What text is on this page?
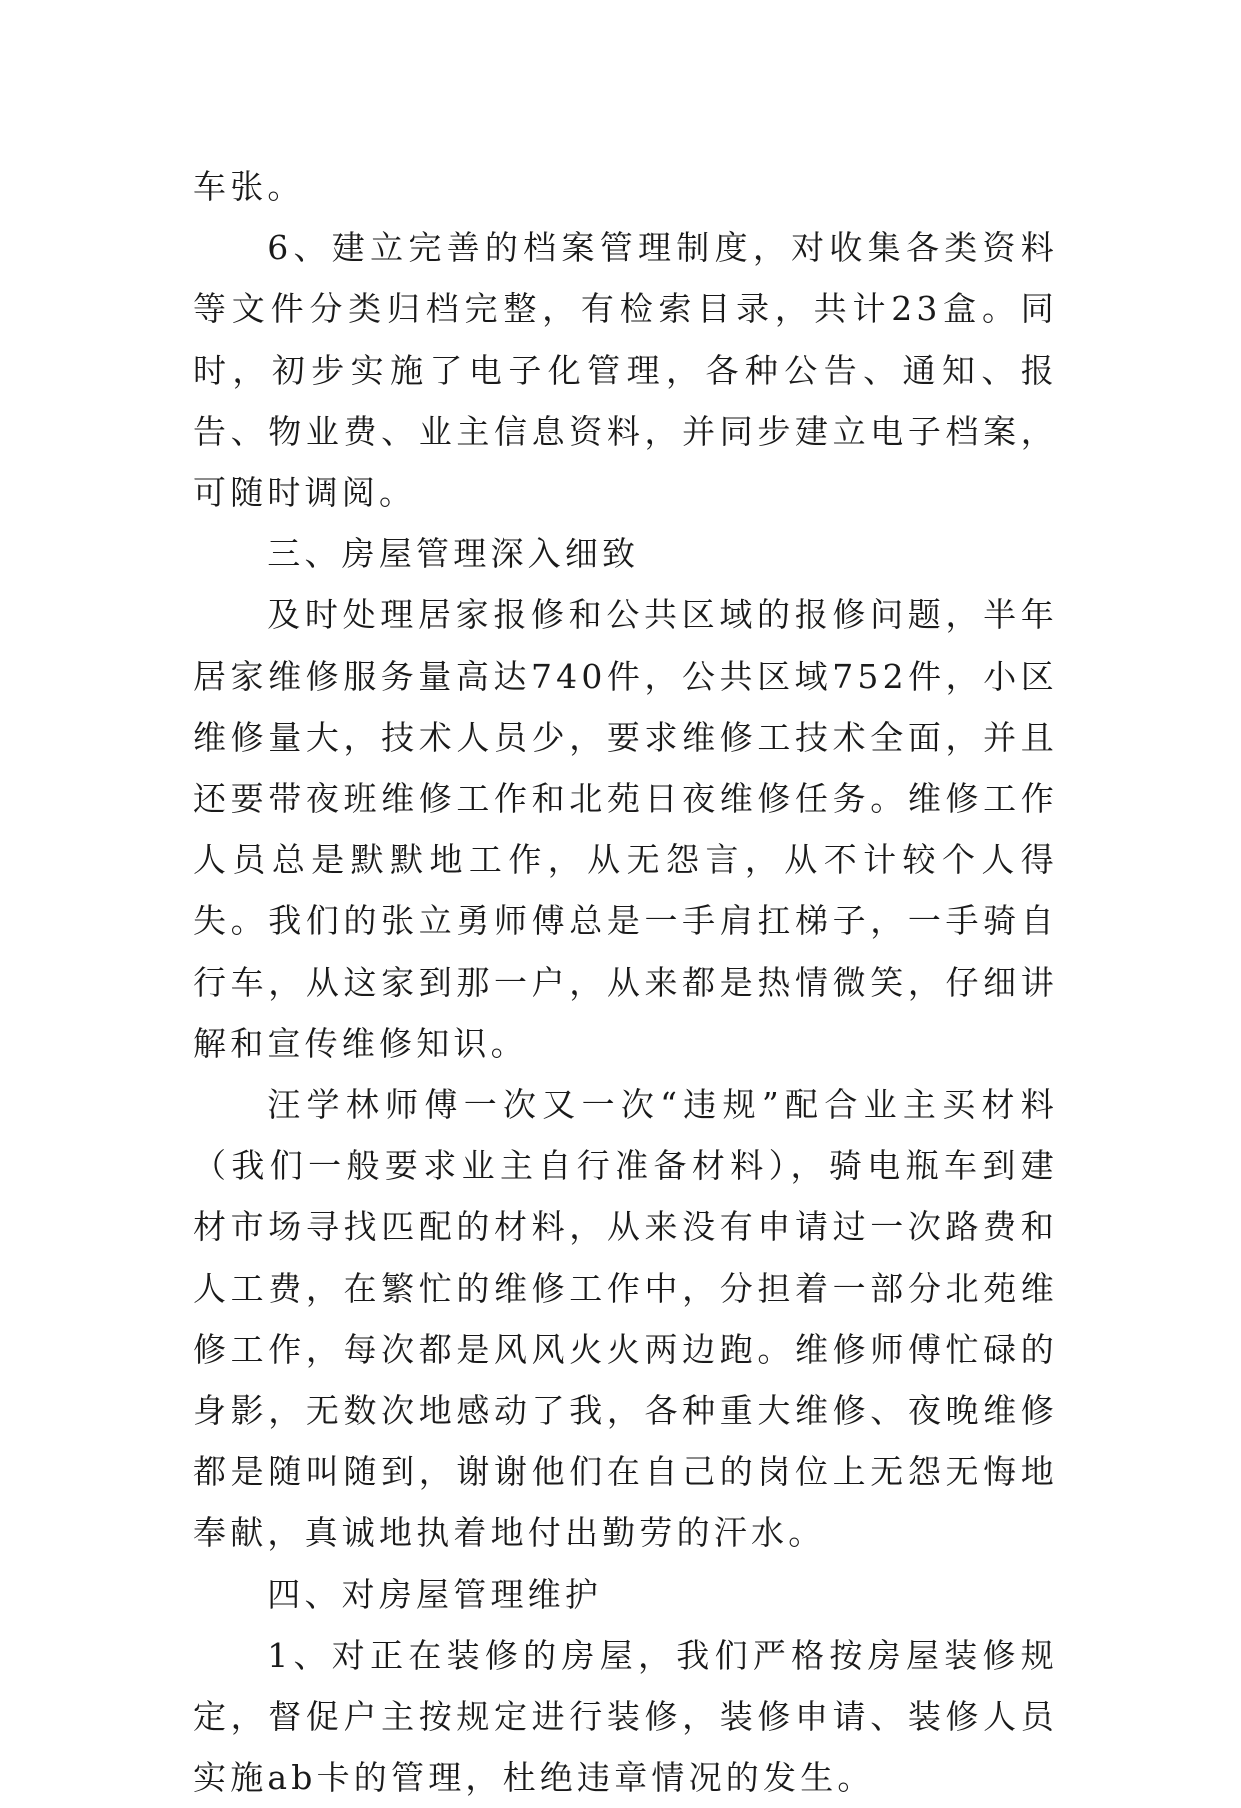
车张。

6、建立完善的档案管理制度，对收集各类资料等文件分类归档完整，有检索目录，共计23盒。同时，初步实施了电子化管理，各种公告、通知、报告、物业费、业主信息资料，并同步建立电子档案，可随时调阅。

三、房屋管理深入细致

及时处理居家报修和公共区域的报修问题，半年居家维修服务量高达740件，公共区域752件，小区维修量大，技术人员少，要求维修工技术全面，并且还要带夜班维修工作和北苑日夜维修任务。维修工作人员总是默默地工作，从无怨言，从不计较个人得失。我们的张立勇师傅总是一手肩扛梯子，一手骑自行车，从这家到那一户，从来都是热情微笑，仔细讲解和宣传维修知识。

汪学林师傅一次又一次“违规”配合业主买材料（我们一般要求业主自行准备材料），骑电瓶车到建材市场寻找匹配的材料，从来没有申请过一次路费和人工费，在繁忙的维修工作中，分担着一部分北苑维修工作，每次都是风风火火两边跑。维修师傅忙碌的身影，无数次地感动了我，各种重大维修、夜晚维修都是随叫随到，谢谢他们在自己的岗位上无怨无悔地奉献，真诚地执着地付出勤劳的汗水。

四、对房屋管理维护

1、对正在装修的房屋，我们严格按房屋装修规定，督促户主按规定进行装修，装修申请、装修人员实施ab卡的管理，杜绝违章情况的发生。
